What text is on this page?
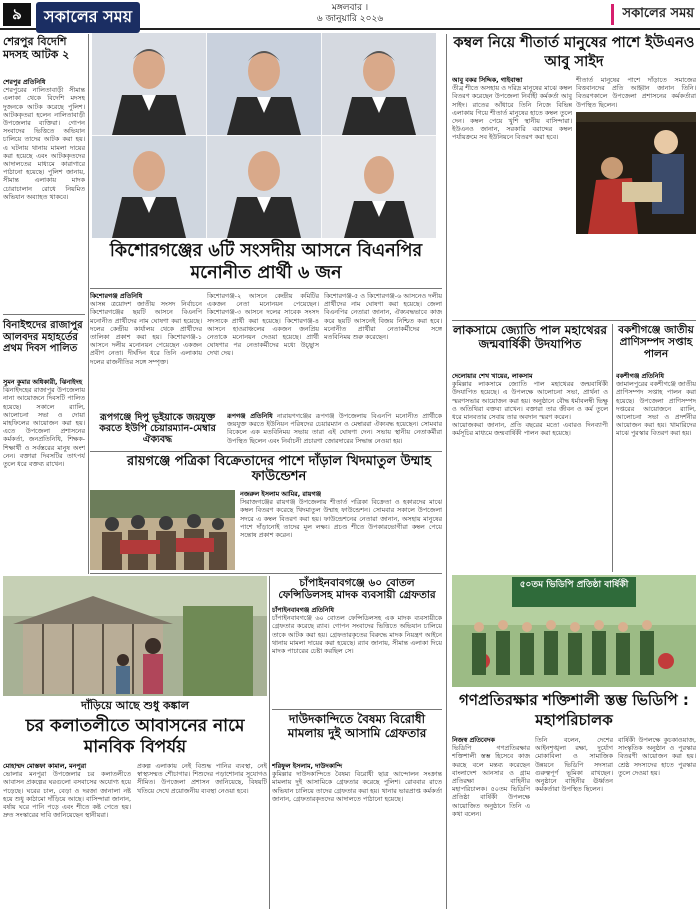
৯	সকালের সময়	মঙ্গলবার ।
৬ জানুয়ারি ২০২৬	সকালের সময়
শেরপুর বিদেশি মদসহ আটক ২
শেরপুর প্রতিনিধি
শেরপুরের নালিতাবাড়ী সীমান্ত এলাকা থেকে বিদেশি মদসহ দুজনকে আটক করেছে পুলিশ। আটককৃতরা হলেন নালিতাবাড়ী উপজেলার ব্যক্তিরা। গোপন সংবাদের ভিত্তিতে অভিযান চালিয়ে তাদের আটক করা হয়। এ ঘটনায় থানায় মামলা দায়ের করা হয়েছে এবং আটককৃতদের আদালতের মাধ্যমে কারাগারে পাঠানো হয়েছে। পুলিশ জানায়, সীমান্ত এলাকায় মাদক চোরাচালান রোধে নিয়মিত অভিযান অব্যাহত থাকবে।
বিনাইহুদের রাজাপুর আলবদর মহাহর্তের প্রথম দিবস পালিত
সুমন কুমার অধিকারী, ঝিনাইদহ
ঝিনাইদহের রাজাপুর উপজেলায় নানা আয়োজনে দিবসটি পালিত হয়েছে। সকালে র‍্যালি, আলোচনা সভা ও দোয়া মাহফিলের আয়োজন করা হয়। এতে উপজেলা প্রশাসনের কর্মকর্তা, জনপ্রতিনিধি, শিক্ষক-শিক্ষার্থী ও সর্বস্তরের মানুষ অংশ নেন। বক্তারা দিবসটির তাৎপর্য তুলে ধরে বক্তব্য রাখেন।
কিশোরগঞ্জের ৬টি সংসদীয় আসনে বিএনপির মনোনীত প্রার্থী ৬ জন
কিশোরগঞ্জ প্রতিনিধি
আসন্ন ত্রয়োদশ জাতীয় সংসদ নির্বাচনে কিশোরগঞ্জের ছয়টি আসনে বিএনপি মনোনীত প্রার্থীদের নাম ঘোষণা করা হয়েছে। দলের কেন্দ্রীয় কার্যালয় থেকে প্রার্থীদের তালিকা প্রকাশ করা হয়। কিশোরগঞ্জ-১ আসনে দলীয় মনোনয়ন পেয়েছেন একজন প্রবীণ নেতা। দীর্ঘদিন ধরে তিনি এলাকায় দলের রাজনীতির সঙ্গে সম্পৃক্ত।
কিশোরগঞ্জ-২ আসনে কেন্দ্রীয় কমিটির একজন নেতা মনোনয়ন পেয়েছেন। কিশোরগঞ্জ-৩ আসনে দলের সাবেক সংসদ সদস্যকে প্রার্থী করা হয়েছে। কিশোরগঞ্জ-৪ আসনে হাওরাঞ্চলের একজন জনপ্রিয় নেতাকে মনোনয়ন দেওয়া হয়েছে। প্রার্থী ঘোষণার পর নেতাকর্মীদের মধ্যে উচ্ছ্বাস দেখা দেয়।
কিশোরগঞ্জ-৫ ও কিশোরগঞ্জ-৬ আসনেও দলীয় প্রার্থীদের নাম ঘোষণা করা হয়েছে। জেলা বিএনপির নেতারা জানান, ঐক্যবদ্ধভাবে কাজ করে ছয়টি আসনেই বিজয় নিশ্চিত করা হবে। মনোনীত প্রার্থীরা নেতাকর্মীদের সঙ্গে মতবিনিময় শুরু করেছেন।
রূপগঞ্জে দিপু ভূইয়াকে জয়যুক্ত করতে ইউপি চেয়ারম্যান-মেম্বার ঐক্যবদ্ধ
রূপগঞ্জ প্রতিনিধি নারায়ণগঞ্জের রূপগঞ্জ উপজেলায় বিএনপি মনোনীত প্রার্থীকে জয়যুক্ত করতে ইউনিয়ন পরিষদের চেয়ারম্যান ও মেম্বাররা ঐক্যবদ্ধ হয়েছেন। সোমবার বিকেলে এক মতবিনিময় সভায় তারা এই ঘোষণা দেন। সভায় স্থানীয় নেতাকর্মীরা উপস্থিত ছিলেন এবং নির্বাচনী প্রচারণা জোরদারের সিদ্ধান্ত নেওয়া হয়।
রায়গঞ্জে পত্রিকা বিক্রেতাদের পাশে দাঁড়াল খিদমাতুল উম্মাহ ফাউন্ডেশন
নজরুল ইসলাম আমির, রায়গঞ্জ
সিরাজগঞ্জের রায়গঞ্জ উপজেলায় শীতার্ত পত্রিকা বিক্রেতা ও হকারদের মাঝে কম্বল বিতরণ করেছে খিদমাতুল উম্মাহ ফাউন্ডেশন। সোমবার সকালে উপজেলা সদরে এ কম্বল বিতরণ করা হয়। ফাউন্ডেশনের নেতারা জানান, অসহায় মানুষের পাশে দাঁড়ানোই তাদের মূল লক্ষ্য। প্রচণ্ড শীতে উপকারভোগীরা কম্বল পেয়ে সন্তোষ প্রকাশ করেন।
চাঁপাইনবাবগঞ্জে ৬০ বোতল ফেন্সিডিলসহ মাদক ব্যবসায়ী গ্রেফতার
চাঁপাইনবাবগঞ্জ প্রতিনিধি
চাঁপাইনবাবগঞ্জে ৬০ বোতল ফেন্সিডিলসহ এক মাদক ব্যবসায়ীকে গ্রেফতার করেছে র‍্যাব। গোপন সংবাদের ভিত্তিতে অভিযান চালিয়ে তাকে আটক করা হয়। গ্রেফতারকৃতের বিরুদ্ধে মাদক নিয়ন্ত্রণ আইনে থানায় মামলা দায়ের করা হয়েছে। র‍্যাব জানায়, সীমান্ত এলাকা দিয়ে মাদক পাচারের চেষ্টা করছিল সে।
দাউদকান্দিতে বৈষম্য বিরোধী মামলায় দুই আসামি গ্রেফতার
শরিফুল ইসলাম, দাউদকান্দি
কুমিল্লার দাউদকান্দিতে বৈষম্য বিরোধী ছাত্র আন্দোলন সংক্রান্ত মামলায় দুই আসামিকে গ্রেফতার করেছে পুলিশ। রোববার রাতে অভিযান চালিয়ে তাদের গ্রেফতার করা হয়। থানার ভারপ্রাপ্ত কর্মকর্তা জানান, গ্রেফতারকৃতদের আদালতে পাঠানো হয়েছে।
দাঁড়িয়ে আছে শুধু কঙ্কাল
চর কলাতলীতে আবাসনের নামে মানবিক বিপর্যয়
মোহাম্মদ মোস্তফা কামাল, মনপুরা
ভোলার মনপুরা উপজেলার চর কলাতলীতে আবাসন প্রকল্পের ঘরগুলো বসবাসের অযোগ্য হয়ে পড়েছে। ঘরের চাল, বেড়া ও দরজা জানালা নষ্ট হয়ে শুধু কাঠামো দাঁড়িয়ে আছে। বাসিন্দারা জানান, বর্ষায় ঘরে পানি পড়ে এবং শীতে কষ্ট পেতে হয়। দ্রুত সংস্কারের দাবি জানিয়েছেন স্থানীয়রা।
প্রকল্প এলাকায় নেই বিশুদ্ধ পানির ব্যবস্থা, নেই স্বাস্থ্যসম্মত শৌচাগার। শিশুদের পড়াশোনার সুযোগও সীমিত। উপজেলা প্রশাসন জানিয়েছে, বিষয়টি খতিয়ে দেখে প্রয়োজনীয় ব্যবস্থা নেওয়া হবে।
কম্বল নিয়ে শীতার্ত মানুষের পাশে ইউএনও আবু সাইদ
আবু বকর সিদ্দিক, গাইবান্ধা
তীব্র শীতে অসহায় ও দরিদ্র মানুষের মাঝে কম্বল বিতরণ করেছেন উপজেলা নির্বাহী কর্মকর্তা আবু সাইদ। রাতের আঁধারে তিনি নিজে বিভিন্ন এলাকায় গিয়ে শীতার্ত মানুষের হাতে কম্বল তুলে দেন। কম্বল পেয়ে খুশি স্থানীয় বাসিন্দারা। ইউএনও জানান, সরকারি বরাদ্দের কম্বল পর্যায়ক্রমে সব ইউনিয়নে বিতরণ করা হবে।
শীতার্ত মানুষের পাশে দাঁড়াতে সমাজের বিত্তবানদের প্রতি আহ্বান জানান তিনি। বিতরণকালে উপজেলা প্রশাসনের কর্মকর্তারা উপস্থিত ছিলেন।
লাকসামে জ্যোতি পাল মহাথেরর জন্মবার্ষিকী উদযাপিত
দেলোয়ার শেখ খায়ের, লাকসাম
কুমিল্লার লাকসামে জ্যোতি পাল মহাথেরর জন্মবার্ষিকী উদযাপিত হয়েছে। এ উপলক্ষে আলোচনা সভা, প্রার্থনা ও স্মরণসভার আয়োজন করা হয়। অনুষ্ঠানে বৌদ্ধ ধর্মাবলম্বী ভিক্ষু ও অতিথিরা বক্তব্য রাখেন। বক্তারা তার জীবন ও কর্ম তুলে ধরে মানবতার সেবায় তার অবদান স্মরণ করেন।
আয়োজকরা জানান, প্রতি বছরের মতো এবারও দিনব্যাপী কর্মসূচির মাধ্যমে জন্মবার্ষিকী পালন করা হয়েছে।
বকশীগঞ্জে জাতীয় প্রাণিসম্পদ সপ্তাহ পালন
বকশীগঞ্জ প্রতিনিধি
জামালপুরের বকশীগঞ্জে জাতীয় প্রাণিসম্পদ সপ্তাহ পালন করা হয়েছে। উপজেলা প্রাণিসম্পদ দপ্তরের আয়োজনে র‍্যালি, আলোচনা সভা ও প্রদর্শনীর আয়োজন করা হয়। খামারিদের মাঝে পুরস্কার বিতরণ করা হয়।
৫০তম ভিডিপি প্রতিষ্ঠা বার্ষিকী
গণপ্রতিরক্ষার শক্তিশালী স্তম্ভ ভিডিপি : মহাপরিচালক
নিজস্ব প্রতিবেদক
ভিডিপি গণপ্রতিরক্ষার শক্তিশালী স্তম্ভ হিসেবে কাজ করছে বলে মন্তব্য করেছেন বাংলাদেশ আনসার ও গ্রাম প্রতিরক্ষা বাহিনীর মহাপরিচালক। ৫০তম ভিডিপি প্রতিষ্ঠা বার্ষিকী উপলক্ষে আয়োজিত অনুষ্ঠানে তিনি এ কথা বলেন।
তিনি বলেন, দেশের আইনশৃঙ্খলা রক্ষা, দুর্যোগ মোকাবিলা ও সামাজিক উন্নয়নে ভিডিপি সদস্যরা গুরুত্বপূর্ণ ভূমিকা রাখছেন। অনুষ্ঠানে বাহিনীর ঊর্ধ্বতন কর্মকর্তারা উপস্থিত ছিলেন।
বার্ষিকী উপলক্ষে কুচকাওয়াজ, সাংস্কৃতিক অনুষ্ঠান ও পুরস্কার বিতরণী আয়োজন করা হয়। শ্রেষ্ঠ সদস্যদের হাতে পুরস্কার তুলে দেওয়া হয়।
